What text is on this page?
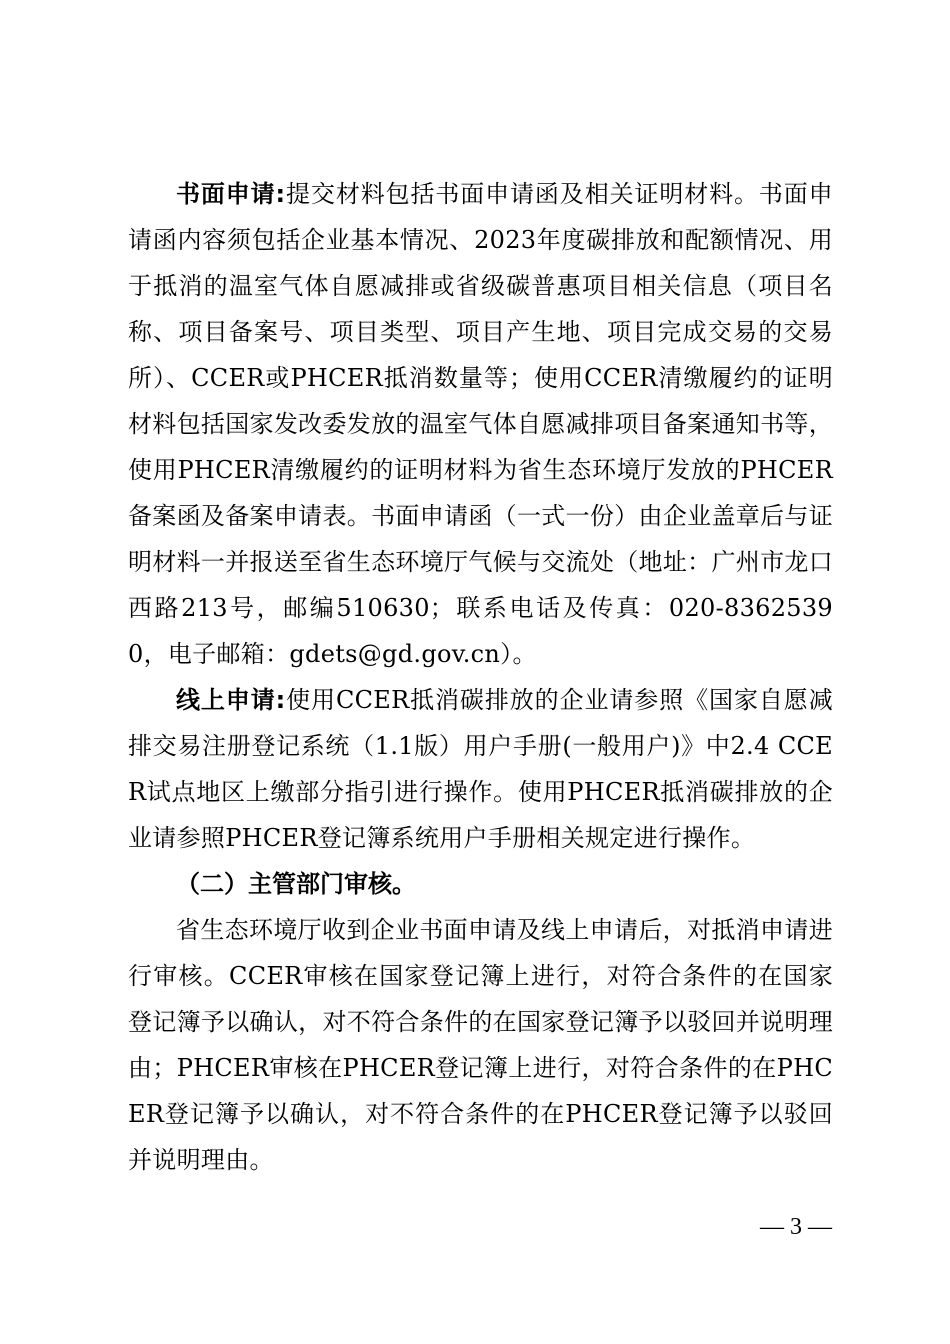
书面申请:提交材料包括书面申请函及相关证明材料。书面申请函内容须包括企业基本情况、2023年度碳排放和配额情况、用于抵消的温室气体自愿减排或省级碳普惠项目相关信息（项目名称、项目备案号、项目类型、项目产生地、项目完成交易的交易所）、CCER或PHCER抵消数量等；使用CCER清缴履约的证明材料包括国家发改委发放的温室气体自愿减排项目备案通知书等，使用PHCER清缴履约的证明材料为省生态环境厅发放的PHCER备案函及备案申请表。书面申请函（一式一份）由企业盖章后与证明材料一并报送至省生态环境厅气候与交流处（地址：广州市龙口西路213号，邮编510630；联系电话及传真：020-83625390，电子邮箱：gdets@gd.gov.cn）。

线上申请:使用CCER抵消碳排放的企业请参照《国家自愿减排交易注册登记系统（1.1版）用户手册(一般用户)》中2.4 CCER试点地区上缴部分指引进行操作。使用PHCER抵消碳排放的企业请参照PHCER登记簿系统用户手册相关规定进行操作。

（二）主管部门审核。

省生态环境厅收到企业书面申请及线上申请后，对抵消申请进行审核。CCER审核在国家登记簿上进行，对符合条件的在国家登记簿予以确认，对不符合条件的在国家登记簿予以驳回并说明理由；PHCER审核在PHCER登记簿上进行，对符合条件的在PHCER登记簿予以确认，对不符合条件的在PHCER登记簿予以驳回并说明理由。

— 3 —
